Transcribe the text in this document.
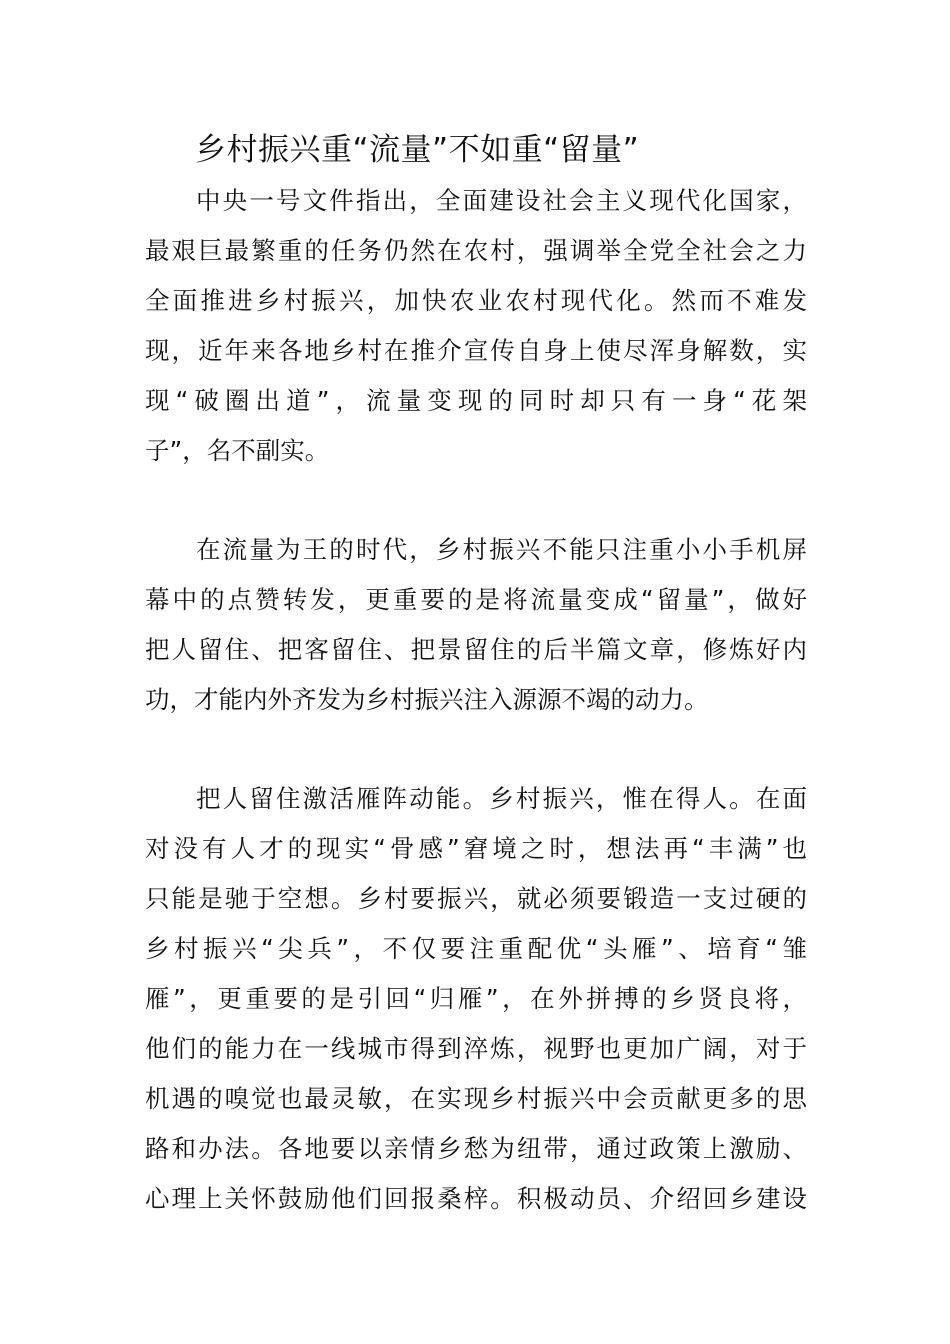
乡村振兴重“流量”不如重“留量”
中央一号文件指出，全面建设社会主义现代化国家，
最艰巨最繁重的任务仍然在农村，强调举全党全社会之力
全面推进乡村振兴，加快农业农村现代化。然而不难发
现，近年来各地乡村在推介宣传自身上使尽浑身解数，实
现“破圈出道”，流量变现的同时却只有一身“花架
子”，名不副实。
在流量为王的时代，乡村振兴不能只注重小小手机屏
幕中的点赞转发，更重要的是将流量变成“留量”，做好
把人留住、把客留住、把景留住的后半篇文章，修炼好内
功，才能内外齐发为乡村振兴注入源源不竭的动力。
把人留住激活雁阵动能。乡村振兴，惟在得人。在面
对没有人才的现实“骨感”窘境之时，想法再“丰满”也
只能是驰于空想。乡村要振兴，就必须要锻造一支过硬的
乡村振兴“尖兵”，不仅要注重配优“头雁”、培育“雏
雁”，更重要的是引回“归雁”，在外拼搏的乡贤良将，
他们的能力在一线城市得到淬炼，视野也更加广阔，对于
机遇的嗅觉也最灵敏，在实现乡村振兴中会贡献更多的思
路和办法。各地要以亲情乡愁为纽带，通过政策上激励、
心理上关怀鼓励他们回报桑梓。积极动员、介绍回乡建设
